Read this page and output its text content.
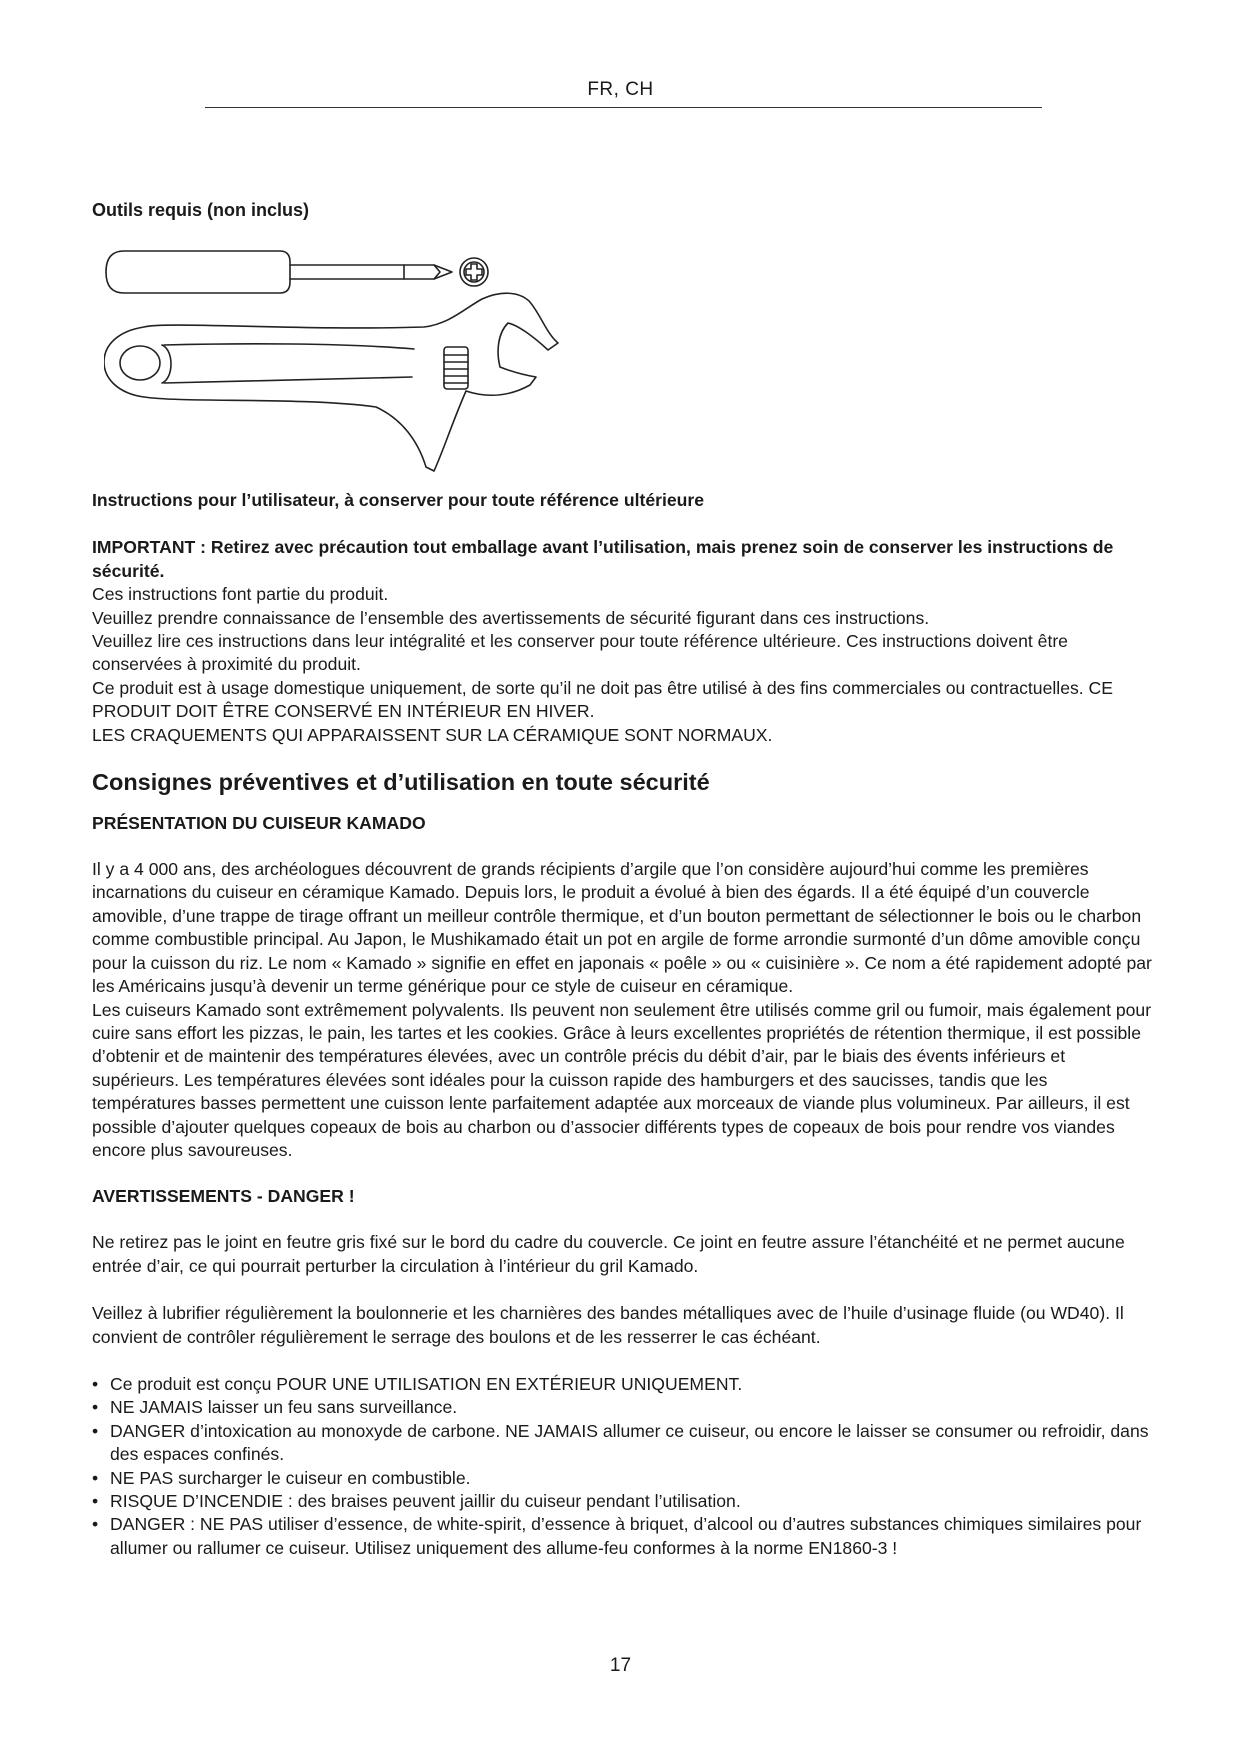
FR, CH

Outils requis (non inclus)

Instructions pour l’utilisateur, à conserver pour toute référence ultérieure

IMPORTANT : Retirez avec précaution tout emballage avant l’utilisation, mais prenez soin de conserver les instructions de sécurité.

Ces instructions font partie du produit.

Veuillez prendre connaissance de l’ensemble des avertissements de sécurité figurant dans ces instructions.

Veuillez lire ces instructions dans leur intégralité et les conserver pour toute référence ultérieure. Ces instructions doivent être conservées à proximité du produit.

Ce produit est à usage domestique uniquement, de sorte qu’il ne doit pas être utilisé à des fins commerciales ou contractuelles. CE PRODUIT DOIT ÊTRE CONSERVÉ EN INTÉRIEUR EN HIVER.

LES CRAQUEMENTS QUI APPARAISSENT SUR LA CÉRAMIQUE SONT NORMAUX.

Consignes préventives et d’utilisation en toute sécurité

PRÉSENTATION DU CUISEUR KAMADO

Il y a 4 000 ans, des archéologues découvrent de grands récipients d’argile que l’on considère aujourd’hui comme les premières incarnations du cuiseur en céramique Kamado. Depuis lors, le produit a évolué à bien des égards. Il a été équipé d’un couvercle amovible, d’une trappe de tirage offrant un meilleur contrôle thermique, et d’un bouton permettant de sélectionner le bois ou le charbon comme combustible principal. Au Japon, le Mushikamado était un pot en argile de forme arrondie surmonté d’un dôme amovible conçu pour la cuisson du riz. Le nom « Kamado » signifie en effet en japonais « poêle » ou « cuisinière ». Ce nom a été rapidement adopté par les Américains jusqu’à devenir un terme générique pour ce style de cuiseur en céramique.

Les cuiseurs Kamado sont extrêmement polyvalents. Ils peuvent non seulement être utilisés comme gril ou fumoir, mais également pour cuire sans effort les pizzas, le pain, les tartes et les cookies. Grâce à leurs excellentes propriétés de rétention thermique, il est possible d’obtenir et de maintenir des températures élevées, avec un contrôle précis du débit d’air, par le biais des évents inférieurs et supérieurs. Les températures élevées sont idéales pour la cuisson rapide des hamburgers et des saucisses, tandis que les températures basses permettent une cuisson lente parfaitement adaptée aux morceaux de viande plus volumineux. Par ailleurs, il est possible d’ajouter quelques copeaux de bois au charbon ou d’associer différents types de copeaux de bois pour rendre vos viandes encore plus savoureuses.

AVERTISSEMENTS - DANGER !

Ne retirez pas le joint en feutre gris fixé sur le bord du cadre du couvercle. Ce joint en feutre assure l’étanchéité et ne permet aucune entrée d’air, ce qui pourrait perturber la circulation à l’intérieur du gril Kamado.

Veillez à lubrifier régulièrement la boulonnerie et les charnières des bandes métalliques avec de l’huile d’usinage fluide (ou WD40). Il convient de contrôler régulièrement le serrage des boulons et de les resserrer le cas échéant.

• Ce produit est conçu POUR UNE UTILISATION EN EXTÉRIEUR UNIQUEMENT.
• NE JAMAIS laisser un feu sans surveillance.
• DANGER d’intoxication au monoxyde de carbone. NE JAMAIS allumer ce cuiseur, ou encore le laisser se consumer ou refroidir, dans des espaces confinés.
• NE PAS surcharger le cuiseur en combustible.
• RISQUE D’INCENDIE : des braises peuvent jaillir du cuiseur pendant l’utilisation.
• DANGER : NE PAS utiliser d’essence, de white-spirit, d’essence à briquet, d’alcool ou d’autres substances chimiques similaires pour allumer ou rallumer ce cuiseur. Utilisez uniquement des allume-feu conformes à la norme EN1860-3 !
17
